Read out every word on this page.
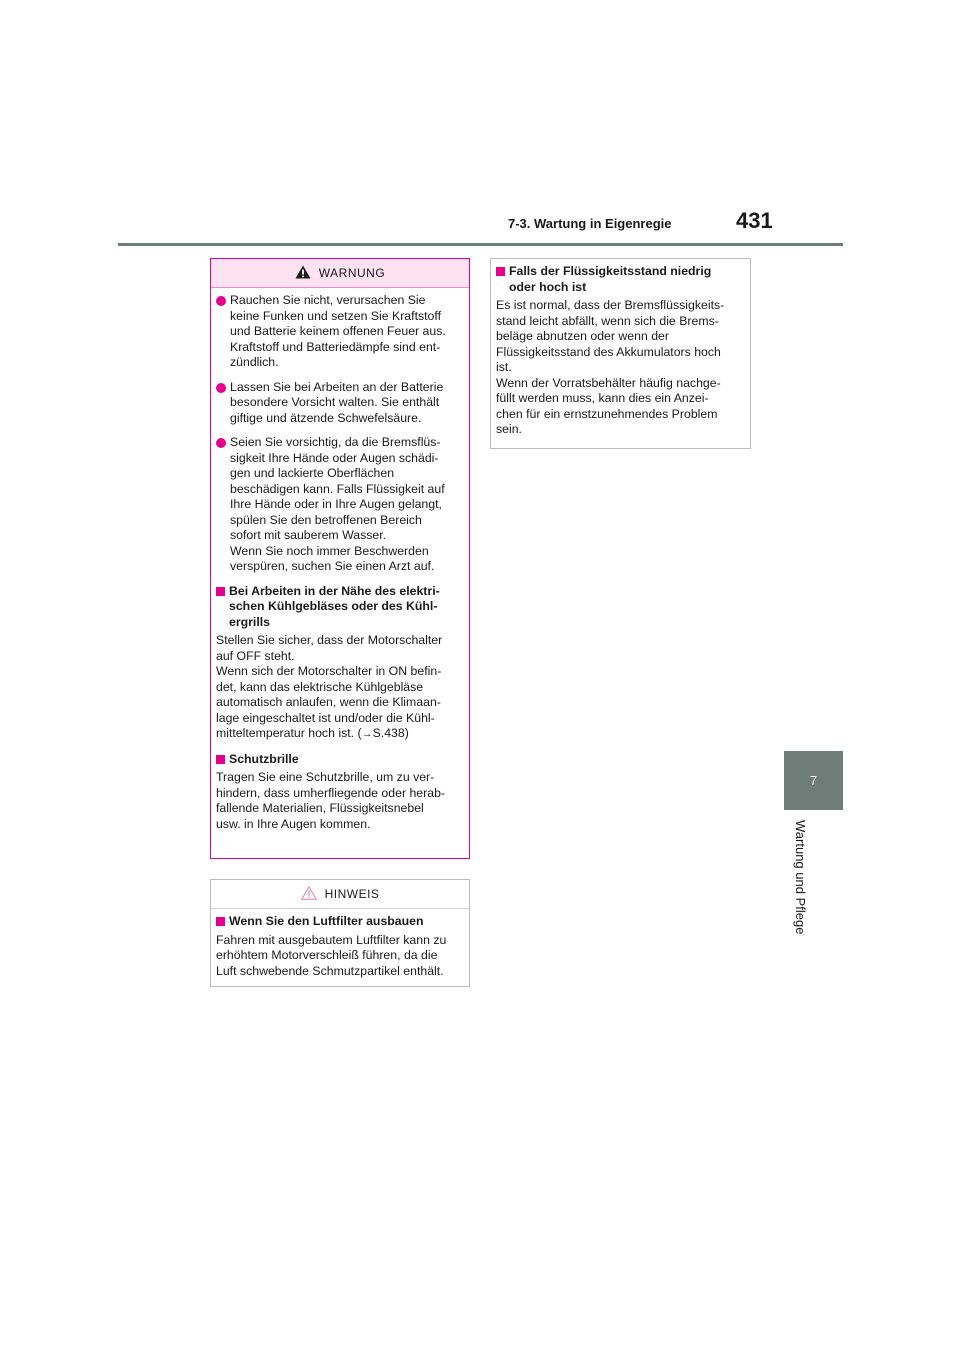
7-3. Wartung in Eigenregie	431
7
Wartung und Pflege
WARNUNG
Rauchen Sie nicht, verursachen Sie
keine Funken und setzen Sie Kraftstoff
und Batterie keinem offenen Feuer aus.
Kraftstoff und Batteriedämpfe sind ent-
zündlich.
Lassen Sie bei Arbeiten an der Batterie
besondere Vorsicht walten. Sie enthält
giftige und ätzende Schwefelsäure.
Seien Sie vorsichtig, da die Bremsflüs-
sigkeit Ihre Hände oder Augen schädi-
gen und lackierte Oberflächen
beschädigen kann. Falls Flüssigkeit auf
Ihre Hände oder in Ihre Augen gelangt,
spülen Sie den betroffenen Bereich
sofort mit sauberem Wasser.
Wenn Sie noch immer Beschwerden
verspüren, suchen Sie einen Arzt auf.
Bei Arbeiten in der Nähe des elektri-
schen Kühlgebläses oder des Kühl-
ergrills
Stellen Sie sicher, dass der Motorschalter
auf OFF steht.
Wenn sich der Motorschalter in ON befin-
det, kann das elektrische Kühlgebläse
automatisch anlaufen, wenn die Klimaan-
lage eingeschaltet ist und/oder die Kühl-
mitteltemperatur hoch ist. (→S.438)
Schutzbrille
Tragen Sie eine Schutzbrille, um zu ver-
hindern, dass umherfliegende oder herab-
fallende Materialien, Flüssigkeitsnebel
usw. in Ihre Augen kommen.
HINWEIS
Wenn Sie den Luftfilter ausbauen
Fahren mit ausgebautem Luftfilter kann zu
erhöhtem Motorverschleiß führen, da die
Luft schwebende Schmutzpartikel enthält.
Falls der Flüssigkeitsstand niedrig
oder hoch ist
Es ist normal, dass der Bremsflüssigkeits-
stand leicht abfällt, wenn sich die Brems-
beläge abnutzen oder wenn der
Flüssigkeitsstand des Akkumulators hoch
ist.
Wenn der Vorratsbehälter häufig nachge-
füllt werden muss, kann dies ein Anzei-
chen für ein ernstzunehmendes Problem
sein.
